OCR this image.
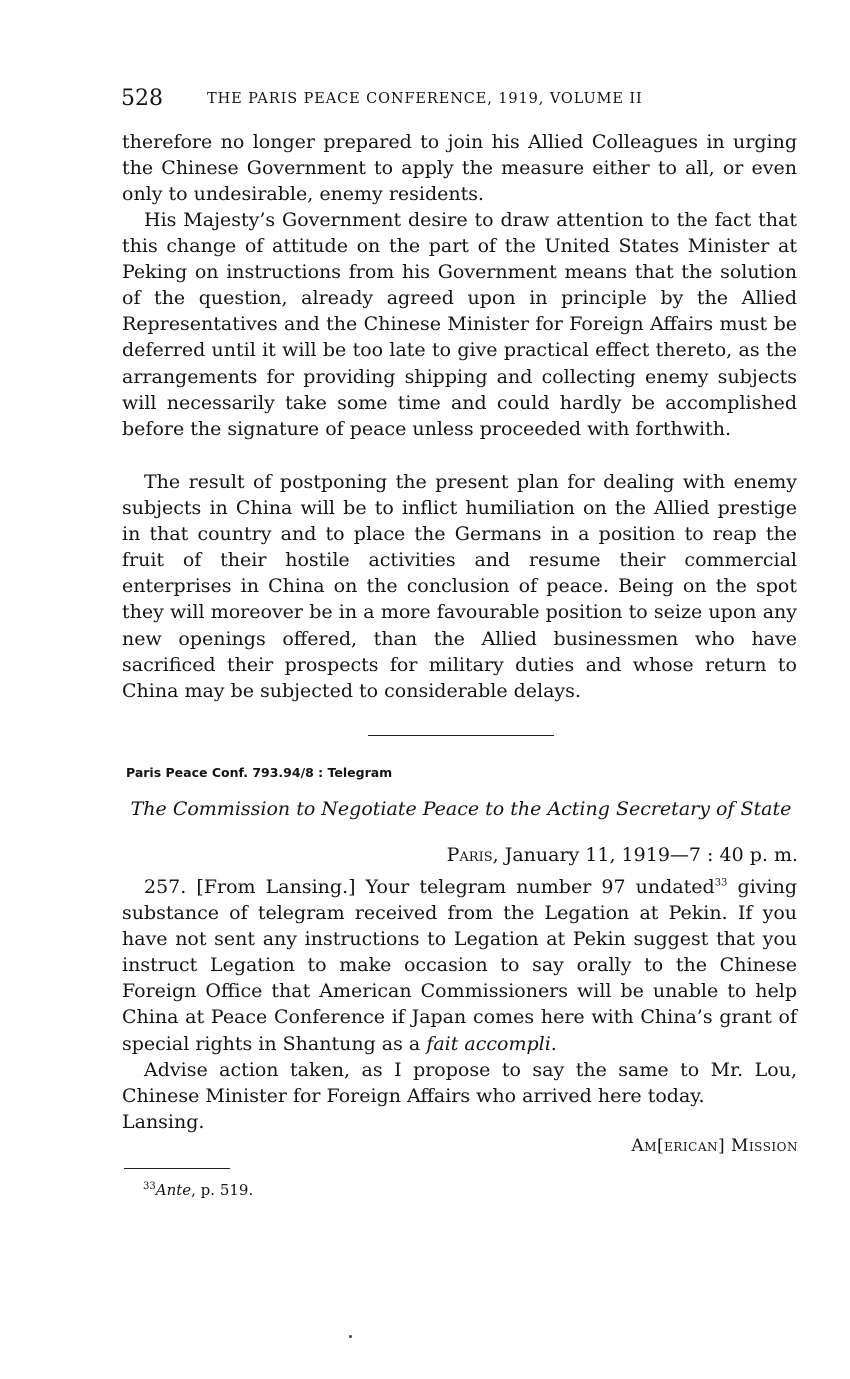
528	THE PARIS PEACE CONFERENCE, 1919, VOLUME II

therefore no longer prepared to join his Allied Colleagues in urging the Chinese Government to apply the measure either to all, or even only to undesirable, enemy residents.

His Majesty’s Government desire to draw attention to the fact that this change of attitude on the part of the United States Minister at Peking on instructions from his Government means that the solution of the question, already agreed upon in principle by the Allied Representatives and the Chinese Minister for Foreign Affairs must be deferred until it will be too late to give practical effect thereto, as the arrangements for providing shipping and collecting enemy subjects will necessarily take some time and could hardly be accomplished before the signature of peace unless proceeded with forthwith.

The result of postponing the present plan for dealing with enemy subjects in China will be to inflict humiliation on the Allied prestige in that country and to place the Germans in a position to reap the fruit of their hostile activities and resume their commercial enterprises in China on the conclusion of peace. Being on the spot they will moreover be in a more favourable position to seize upon any new openings offered, than the Allied businessmen who have sacrificed their prospects for military duties and whose return to China may be subjected to considerable delays.

Paris Peace Conf. 793.94/8 : Telegram
The Commission to Negotiate Peace to the Acting Secretary of State
Paris, January 11, 1919—7 : 40 p. m.

257. [From Lansing.] Your telegram number 97 undated$^{33}$ giving substance of telegram received from the Legation at Pekin. If you have not sent any instructions to Legation at Pekin suggest that you instruct Legation to make occasion to say orally to the Chinese Foreign Office that American Commissioners will be unable to help China at Peace Conference if Japan comes here with China’s grant of special rights in Shantung as a fait accompli.

Advise action taken, as I propose to say the same to Mr. Lou, Chinese Minister for Foreign Affairs who arrived here today.

Lansing.

Am[erican] Mission
$^{33}$Ante, p. 519.
